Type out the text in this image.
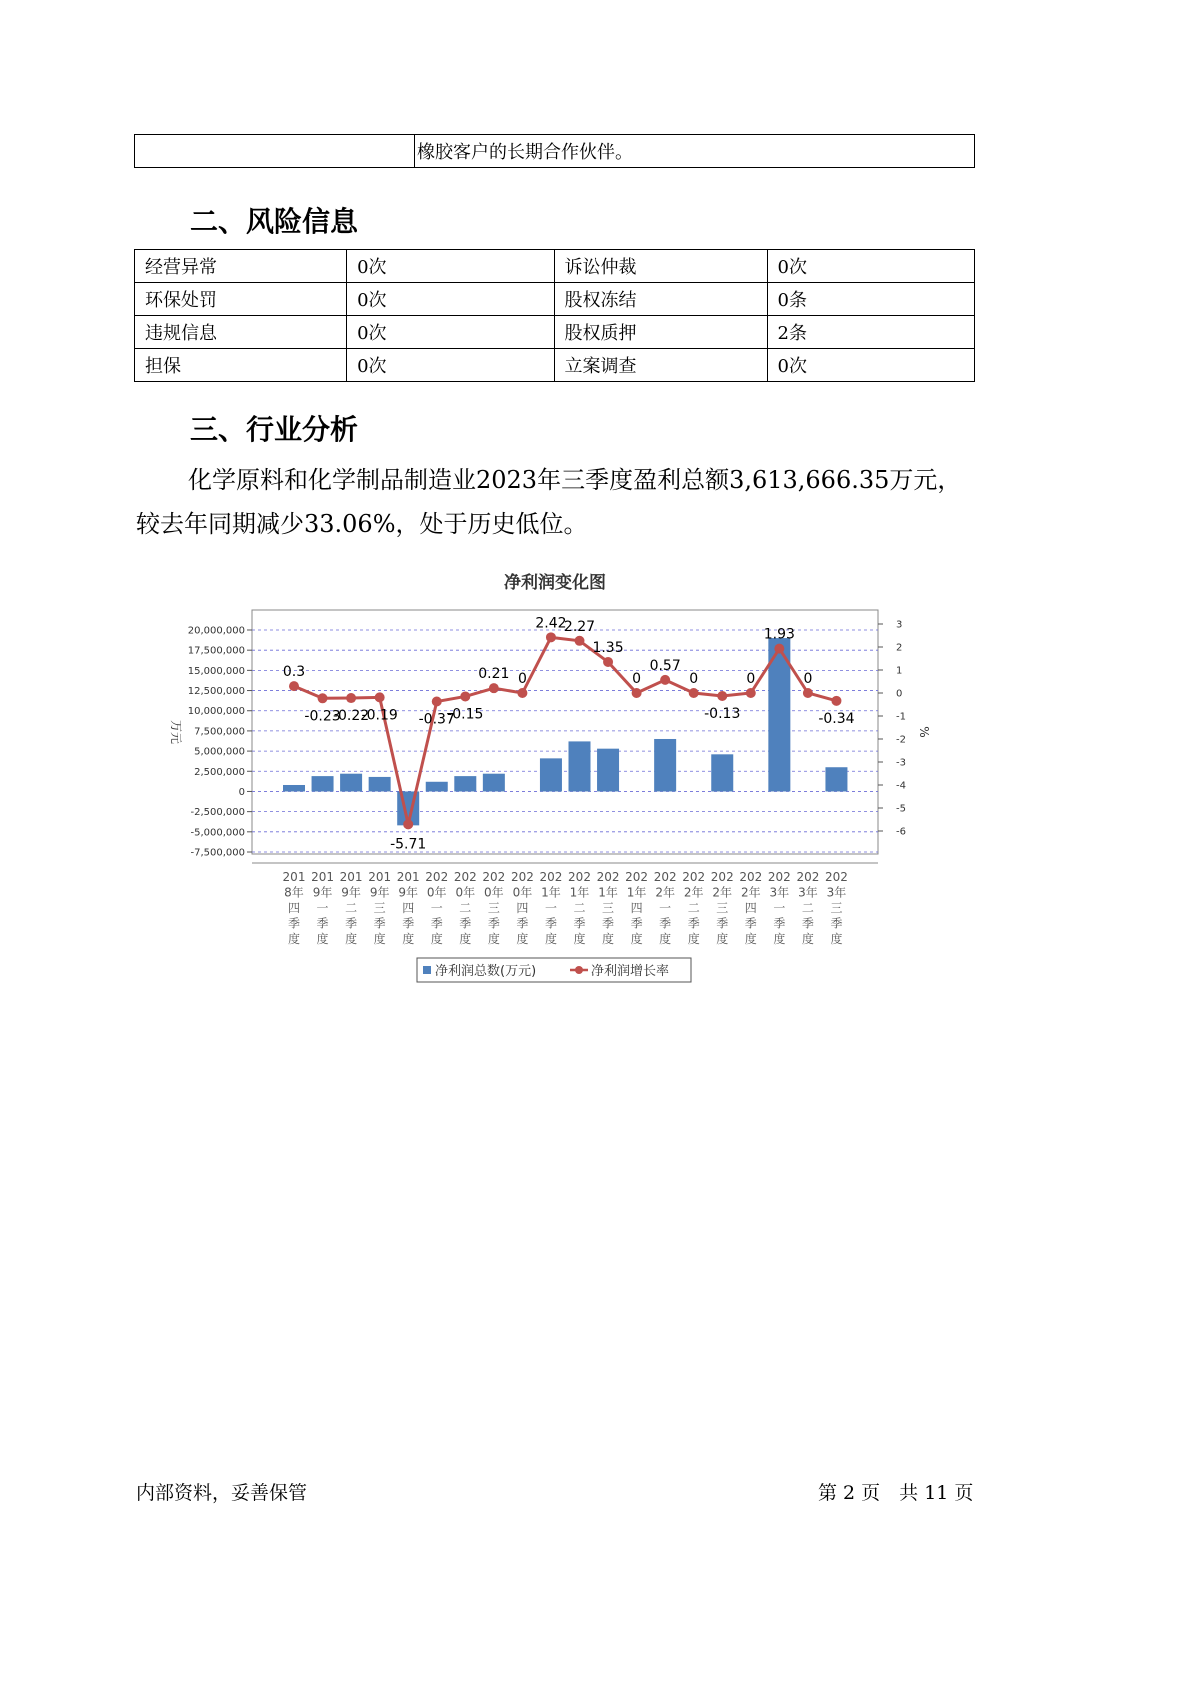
	橡胶客户的长期合作伙伴。
二、风险信息
经营异常	0次	诉讼仲裁	0次
环保处罚	0次	股权冻结	0条
违规信息	0次	股权质押	2条
担保	0次	立案调查	0次
三、行业分析
化学原料和化学制品制造业2023年三季度盈利总额3,613,666.35万元，
较去年同期减少33.06%，处于历史低位。
净利润变化图
20,000,000
17,500,000
15,000,000
12,500,000
10,000,000
7,500,000
5,000,000
2,500,000
0
-2,500,000
-5,000,000
-7,500,000
3
2
1
0
-1
-2
-3
-4
-5
-6
万元	%
0.3
-0.23
-0.22
-0.19
-5.71
-0.37
-0.15
0.21 0
2.42
2.27
1.35
0
0.57
0
-0.13
0
1.93
0
-0.34
201
8年
四
季
度
201
9年
一
季
度
201
9年
二
季
度
201
9年
三
季
度
201
9年
四
季
度
202
0年
一
季
度
202
0年
二
季
度
202
0年
三
季
度
202
0年
四
季
度
202
1年
一
季
度
202
1年
二
季
度
202
1年
三
季
度
202
1年
四
季
度
202
2年
一
季
度
202
2年
二
季
度
202
2年
三
季
度
202
2年
四
季
度
202
3年
一
季
度
202
3年
二
季
度
202
3年
三
季
度
净利润总数(万元)	净利润增长率
内部资料，妥善保管	第 2 页　共 11 页
